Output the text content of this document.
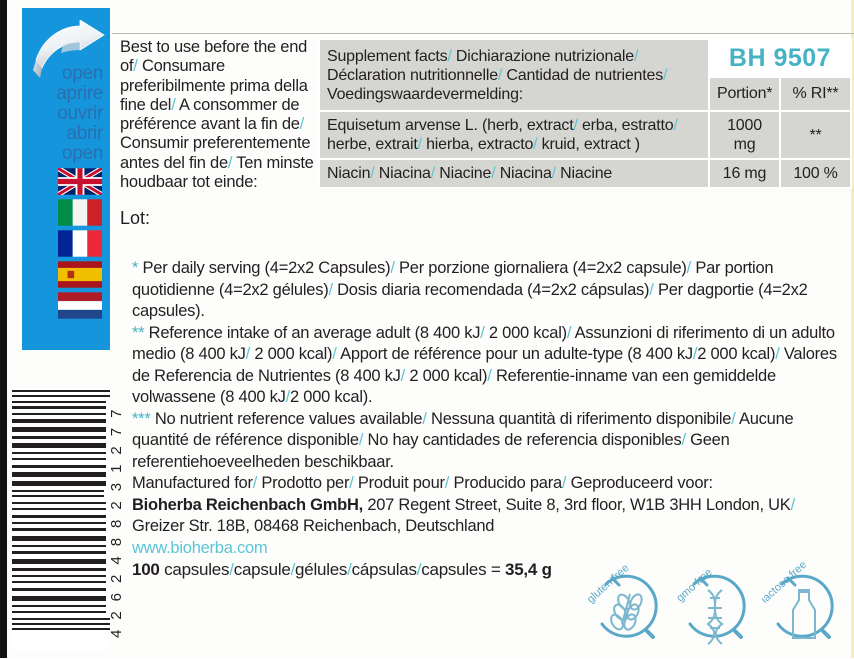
open
aprire
ouvrir
abrir
open
Best to use before the end of/ Consumare preferibilmente prima della fine del/ A consommer de préférence avant la fin de/ Consumir preferentemente antes del fin de/ Ten minste houdbaar tot einde:
Lot:
Supplement facts/ Dichiarazione nutrizionale/ Déclaration nutritionnelle/ Cantidad de nutrientes/ Voedingswaardevermelding:	BH 9507	

	Portion*	% RI**
Equisetum arvense L. (herb, extract/ erba, estratto/ herbe, extrait/ hierba, extracto/ kruid, extract )	1000 mg	**
Niacin/ Niacina/ Niacine/ Niacina/ Niacine	16 mg	100 %

* Per daily serving (4=2x2 Capsules)/ Per porzione giornaliera (4=2x2 capsule)/ Par portion quotidienne (4=2x2 gélules)/ Dosis diaria recomendada (4=2x2 cápsulas)/ Per dagportie (4=2x2 capsules).

** Reference intake of an average adult (8 400 kJ/ 2 000 kcal)/ Assunzioni di riferimento di un adulto medio (8 400 kJ/ 2 000 kcal)/ Apport de référence pour un adulte-type (8 400 kJ/2 000 kcal)/ Valores de Referencia de Nutrientes (8 400 kJ/ 2 000 kcal)/ Referentie-inname van een gemiddelde volwassene (8 400 kJ/2 000 kcal).

*** No nutrient reference values available/ Nessuna quantità di riferimento disponibile/ Aucune quantité de référence disponible/ No hay cantidades de referencia disponibles/ Geen referentiehoeveelheden beschikbaar.

Manufactured for/ Prodotto per/ Produit pour/ Producido para/ Geproduceerd voor:

Bioherba Reichenbach GmbH, 207 Regent Street, Suite 8, 3rd floor, W1B 3HH London, UK/

Greizer Str. 18B, 08468 Reichenbach, Deutschland

www.bioherba.com

100 capsules/capsule/gélules/cápsulas/capsules = 35,4 g

4262488231277	gluten free	gmo free	lactose free
